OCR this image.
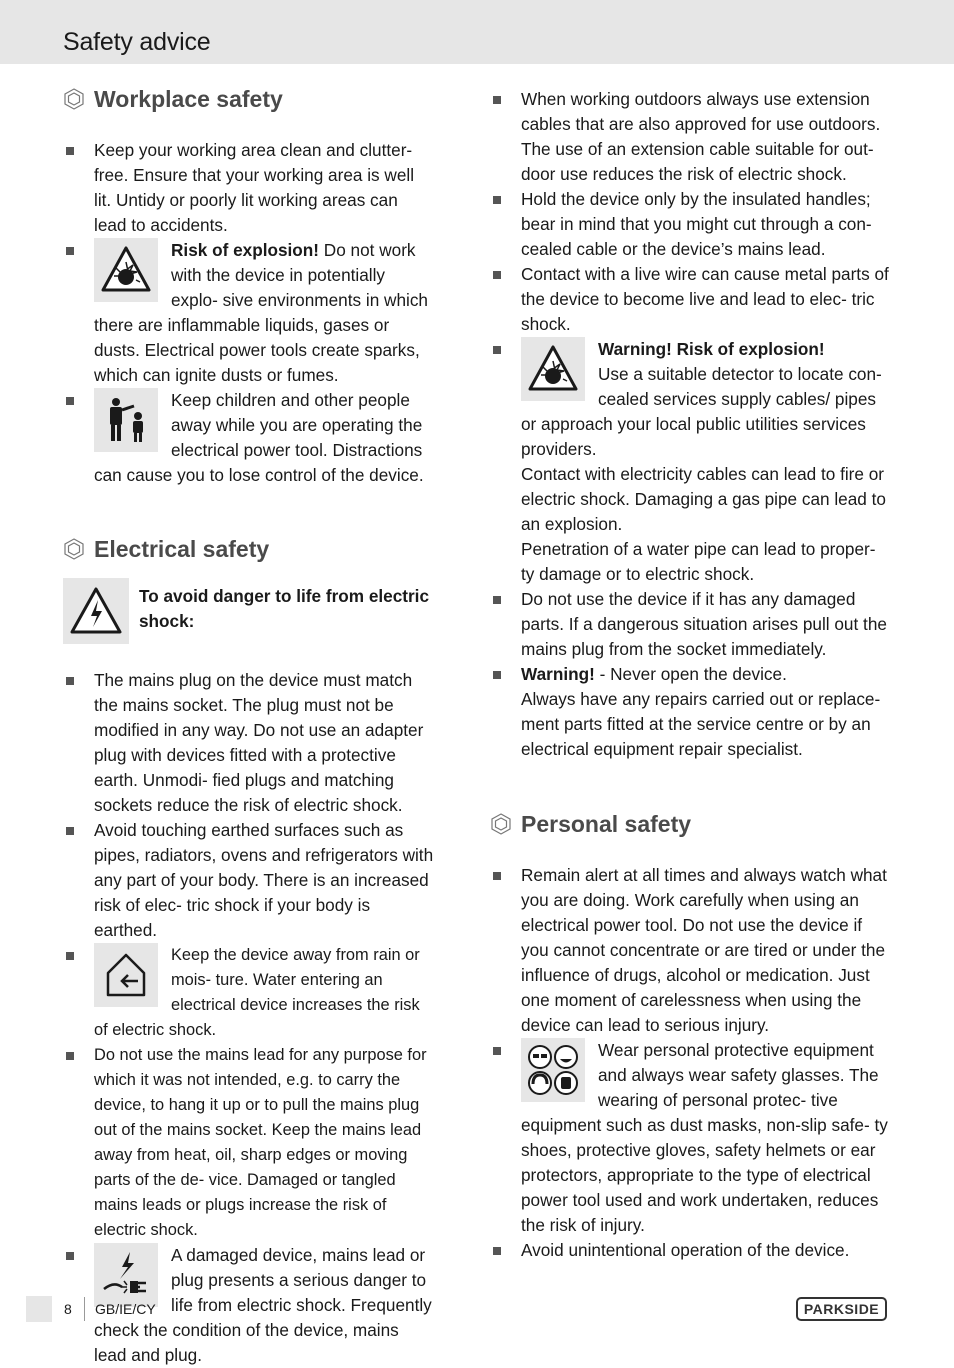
Safety advice
Workplace safety
Keep your working area clean and clutter-free. Ensure that your working area is well lit. Untidy or poorly lit working areas can lead to accidents.
Risk of explosion! Do not work with the device in potentially explo- sive environments in which there are inflammable liquids, gases or dusts. Electrical power tools create sparks, which can ignite dusts or fumes.
Keep children and other people away while you are operating the electrical power tool. Distractions can cause you to lose control of the device.
Electrical safety
To avoid danger to life from electric shock:
The mains plug on the device must match the mains socket. The plug must not be modified in any way. Do not use an adapter plug with devices fitted with a protective earth. Unmodi- fied plugs and matching sockets reduce the risk of electric shock.
Avoid touching earthed surfaces such as pipes, radiators, ovens and refrigerators with any part of your body. There is an increased risk of elec- tric shock if your body is earthed.
Keep the device away from rain or mois- ture. Water entering an electrical device increases the risk of electric shock.
Do not use the mains lead for any purpose for which it was not intended, e.g. to carry the device, to hang it up or to pull the mains plug out of the mains socket. Keep the mains lead away from heat, oil, sharp edges or moving parts of the de- vice. Damaged or tangled mains leads or plugs increase the risk of electric shock.
A damaged device, mains lead or plug presents a serious danger to life from electric shock. Frequently check the condition of the device, mains lead and plug.
When working outdoors always use extension cables that are also approved for use outdoors. The use of an extension cable suitable for out- door use reduces the risk of electric shock.
Hold the device only by the insulated handles; bear in mind that you might cut through a con- cealed cable or the device’s mains lead.
Contact with a live wire can cause metal parts of the device to become live and lead to elec- tric shock.
Warning! Risk of explosion!
Use a suitable detector to locate con- cealed services supply cables/ pipes or approach your local public utilities services providers.
Contact with electricity cables can lead to fire or electric shock. Damaging a gas pipe can lead to an explosion.
Penetration of a water pipe can lead to proper- ty damage or to electric shock.
Do not use the device if it has any damaged parts. If a dangerous situation arises pull out the mains plug from the socket immediately.
Warning! - Never open the device.
Always have any repairs carried out or replace- ment parts fitted at the service centre or by an electrical equipment repair specialist.
Personal safety
Remain alert at all times and always watch what you are doing. Work carefully when using an electrical power tool. Do not use the device if you cannot concentrate or are tired or under the influence of drugs, alcohol or medication. Just one moment of carelessness when using the device can lead to serious injury.
Wear personal protective equipment and always wear safety glasses. The wearing of personal protec- tive equipment such as dust masks, non-slip safe- ty shoes, protective gloves, safety helmets or ear protectors, appropriate to the type of electrical power tool used and work undertaken, reduces the risk of injury.
Avoid unintentional operation of the device.
8 GB/IE/CY	PARKSIDE
